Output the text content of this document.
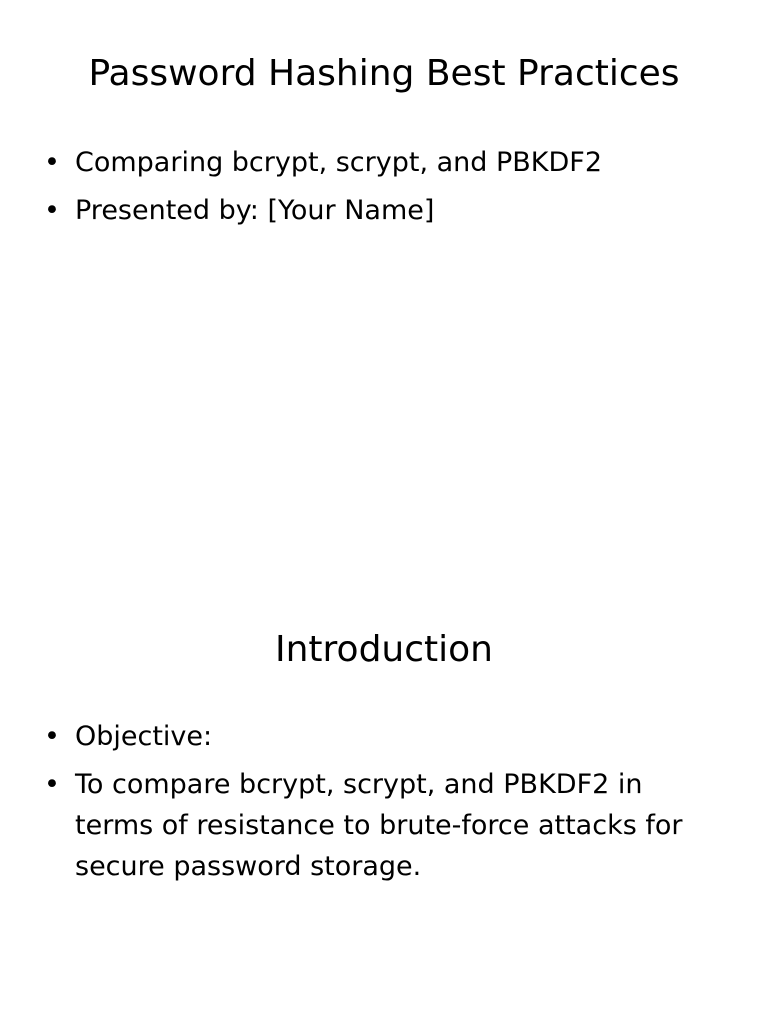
Password Hashing Best Practices
• Comparing bcrypt, scrypt, and PBKDF2
• Presented by: [Your Name]
Introduction
• Objective:
• To compare bcrypt, scrypt, and PBKDF2 in terms of resistance to brute-force attacks for secure password storage.
